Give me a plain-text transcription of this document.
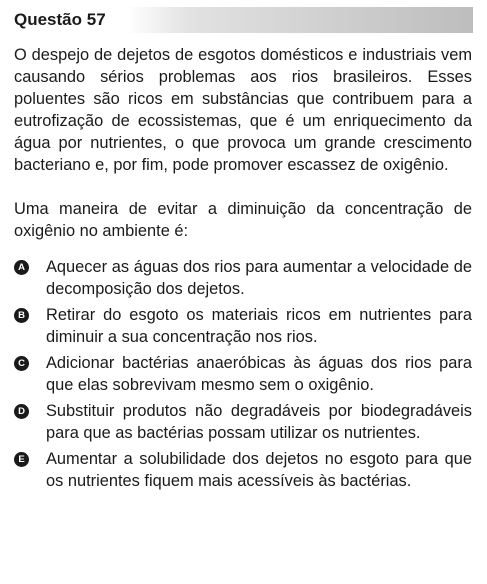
Questão 57

O despejo de dejetos de esgotos domésticos e industriais vem causando sérios problemas aos rios brasileiros. Esses poluentes são ricos em substâncias que contribuem para a eutrofização de ecossistemas, que é um enriquecimento da água por nutrientes, o que provoca um grande crescimento bacteriano e, por fim, pode promover escassez de oxigênio.

Uma maneira de evitar a diminuição da concentração de oxigênio no ambiente é:

A Aquecer as águas dos rios para aumentar a velocidade de decomposição dos dejetos.
B Retirar do esgoto os materiais ricos em nutrientes para diminuir a sua concentração nos rios.
C Adicionar bactérias anaeróbicas às águas dos rios para que elas sobrevivam mesmo sem o oxigênio.
D Substituir produtos não degradáveis por biodegradáveis para que as bactérias possam utilizar os nutrientes.
E Aumentar a solubilidade dos dejetos no esgoto para que os nutrientes fiquem mais acessíveis às bactérias.
